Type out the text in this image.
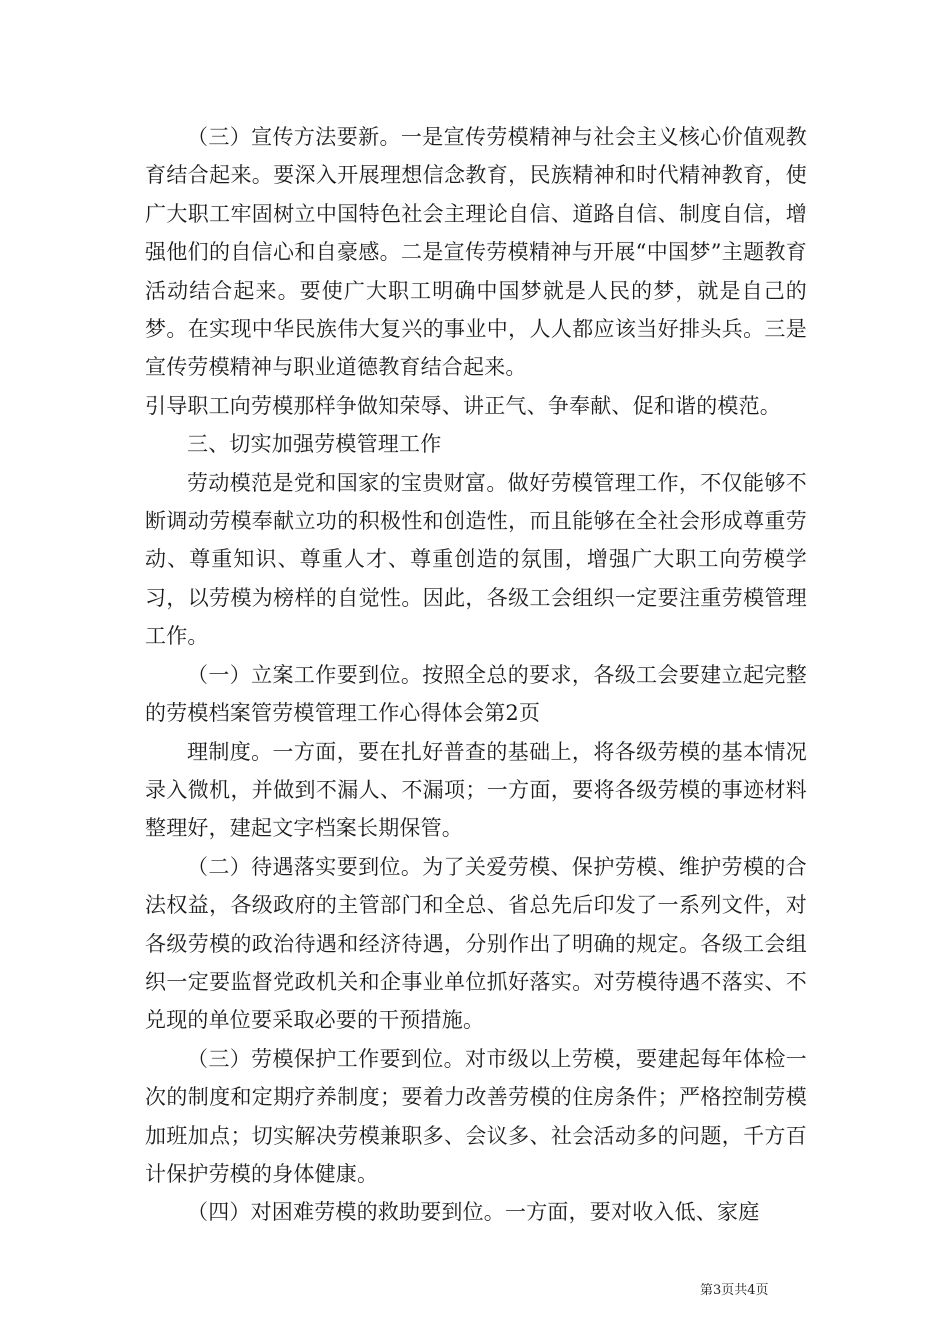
（三）宣传方法要新。一是宣传劳模精神与社会主义核心价值观教育结合起来。要深入开展理想信念教育，民族精神和时代精神教育，使广大职工牢固树立中国特色社会主理论自信、道路自信、制度自信，增强他们的自信心和自豪感。二是宣传劳模精神与开展“中国梦”主题教育活动结合起来。要使广大职工明确中国梦就是人民的梦，就是自己的梦。在实现中华民族伟大复兴的事业中，人人都应该当好排头兵。三是宣传劳模精神与职业道德教育结合起来。

引导职工向劳模那样争做知荣辱、讲正气、争奉献、促和谐的模范。

三、切实加强劳模管理工作

劳动模范是党和国家的宝贵财富。做好劳模管理工作，不仅能够不断调动劳模奉献立功的积极性和创造性，而且能够在全社会形成尊重劳动、尊重知识、尊重人才、尊重创造的氛围，增强广大职工向劳模学习，以劳模为榜样的自觉性。因此，各级工会组织一定要注重劳模管理工作。

（一）立案工作要到位。按照全总的要求，各级工会要建立起完整的劳模档案管劳模管理工作心得体会第2页

理制度。一方面，要在扎好普查的基础上，将各级劳模的基本情况录入微机，并做到不漏人、不漏项；一方面，要将各级劳模的事迹材料整理好，建起文字档案长期保管。

（二）待遇落实要到位。为了关爱劳模、保护劳模、维护劳模的合法权益，各级政府的主管部门和全总、省总先后印发了一系列文件，对各级劳模的政治待遇和经济待遇，分别作出了明确的规定。各级工会组织一定要监督党政机关和企事业单位抓好落实。对劳模待遇不落实、不兑现的单位要采取必要的干预措施。

（三）劳模保护工作要到位。对市级以上劳模，要建起每年体检一次的制度和定期疗养制度；要着力改善劳模的住房条件；严格控制劳模加班加点；切实解决劳模兼职多、会议多、社会活动多的问题，千方百计保护劳模的身体健康。

（四）对困难劳模的救助要到位。一方面，要对收入低、家庭

第3页共4页
